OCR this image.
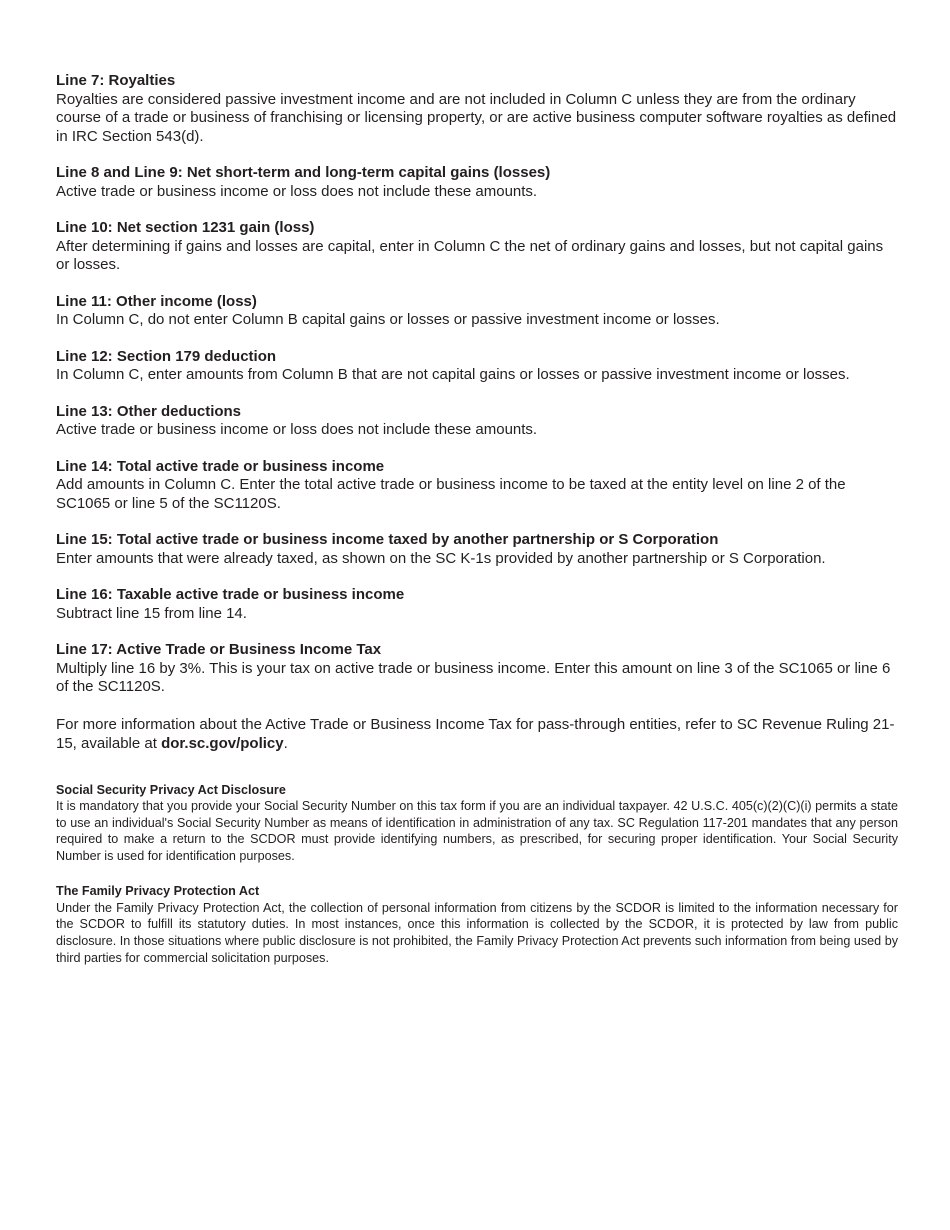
Line 7: Royalties

Royalties are considered passive investment income and are not included in Column C unless they are from the ordinary course of a trade or business of franchising or licensing property, or are active business computer software royalties as defined in IRC Section 543(d).

Line 8 and Line 9: Net short-term and long-term capital gains (losses)

Active trade or business income or loss does not include these amounts.

Line 10: Net section 1231 gain (loss)

After determining if gains and losses are capital, enter in Column C the net of ordinary gains and losses, but not capital gains or losses.

Line 11: Other income (loss)

In Column C, do not enter Column B capital gains or losses or passive investment income or losses.

Line 12: Section 179 deduction

In Column C, enter amounts from Column B that are not capital gains or losses or passive investment income or losses.

Line 13: Other deductions

Active trade or business income or loss does not include these amounts.

Line 14: Total active trade or business income

Add amounts in Column C. Enter the total active trade or business income to be taxed at the entity level on line 2 of the SC1065 or line 5 of the SC1120S.

Line 15: Total active trade or business income taxed by another partnership or S Corporation

Enter amounts that were already taxed, as shown on the SC K-1s provided by another partnership or S Corporation.

Line 16: Taxable active trade or business income

Subtract line 15 from line 14.

Line 17: Active Trade or Business Income Tax

Multiply line 16 by 3%. This is your tax on active trade or business income. Enter this amount on line 3 of the SC1065 or line 6 of the SC1120S.

For more information about the Active Trade or Business Income Tax for pass-through entities, refer to SC Revenue Ruling 21-15, available at dor.sc.gov/policy.

Social Security Privacy Act Disclosure

It is mandatory that you provide your Social Security Number on this tax form if you are an individual taxpayer. 42 U.S.C. 405(c)(2)(C)(i) permits a state to use an individual's Social Security Number as means of identification in administration of any tax. SC Regulation 117-201 mandates that any person required to make a return to the SCDOR must provide identifying numbers, as prescribed, for securing proper identification. Your Social Security Number is used for identification purposes.

The Family Privacy Protection Act

Under the Family Privacy Protection Act, the collection of personal information from citizens by the SCDOR is limited to the information necessary for the SCDOR to fulfill its statutory duties. In most instances, once this information is collected by the SCDOR, it is protected by law from public disclosure. In those situations where public disclosure is not prohibited, the Family Privacy Protection Act prevents such information from being used by third parties for commercial solicitation purposes.
